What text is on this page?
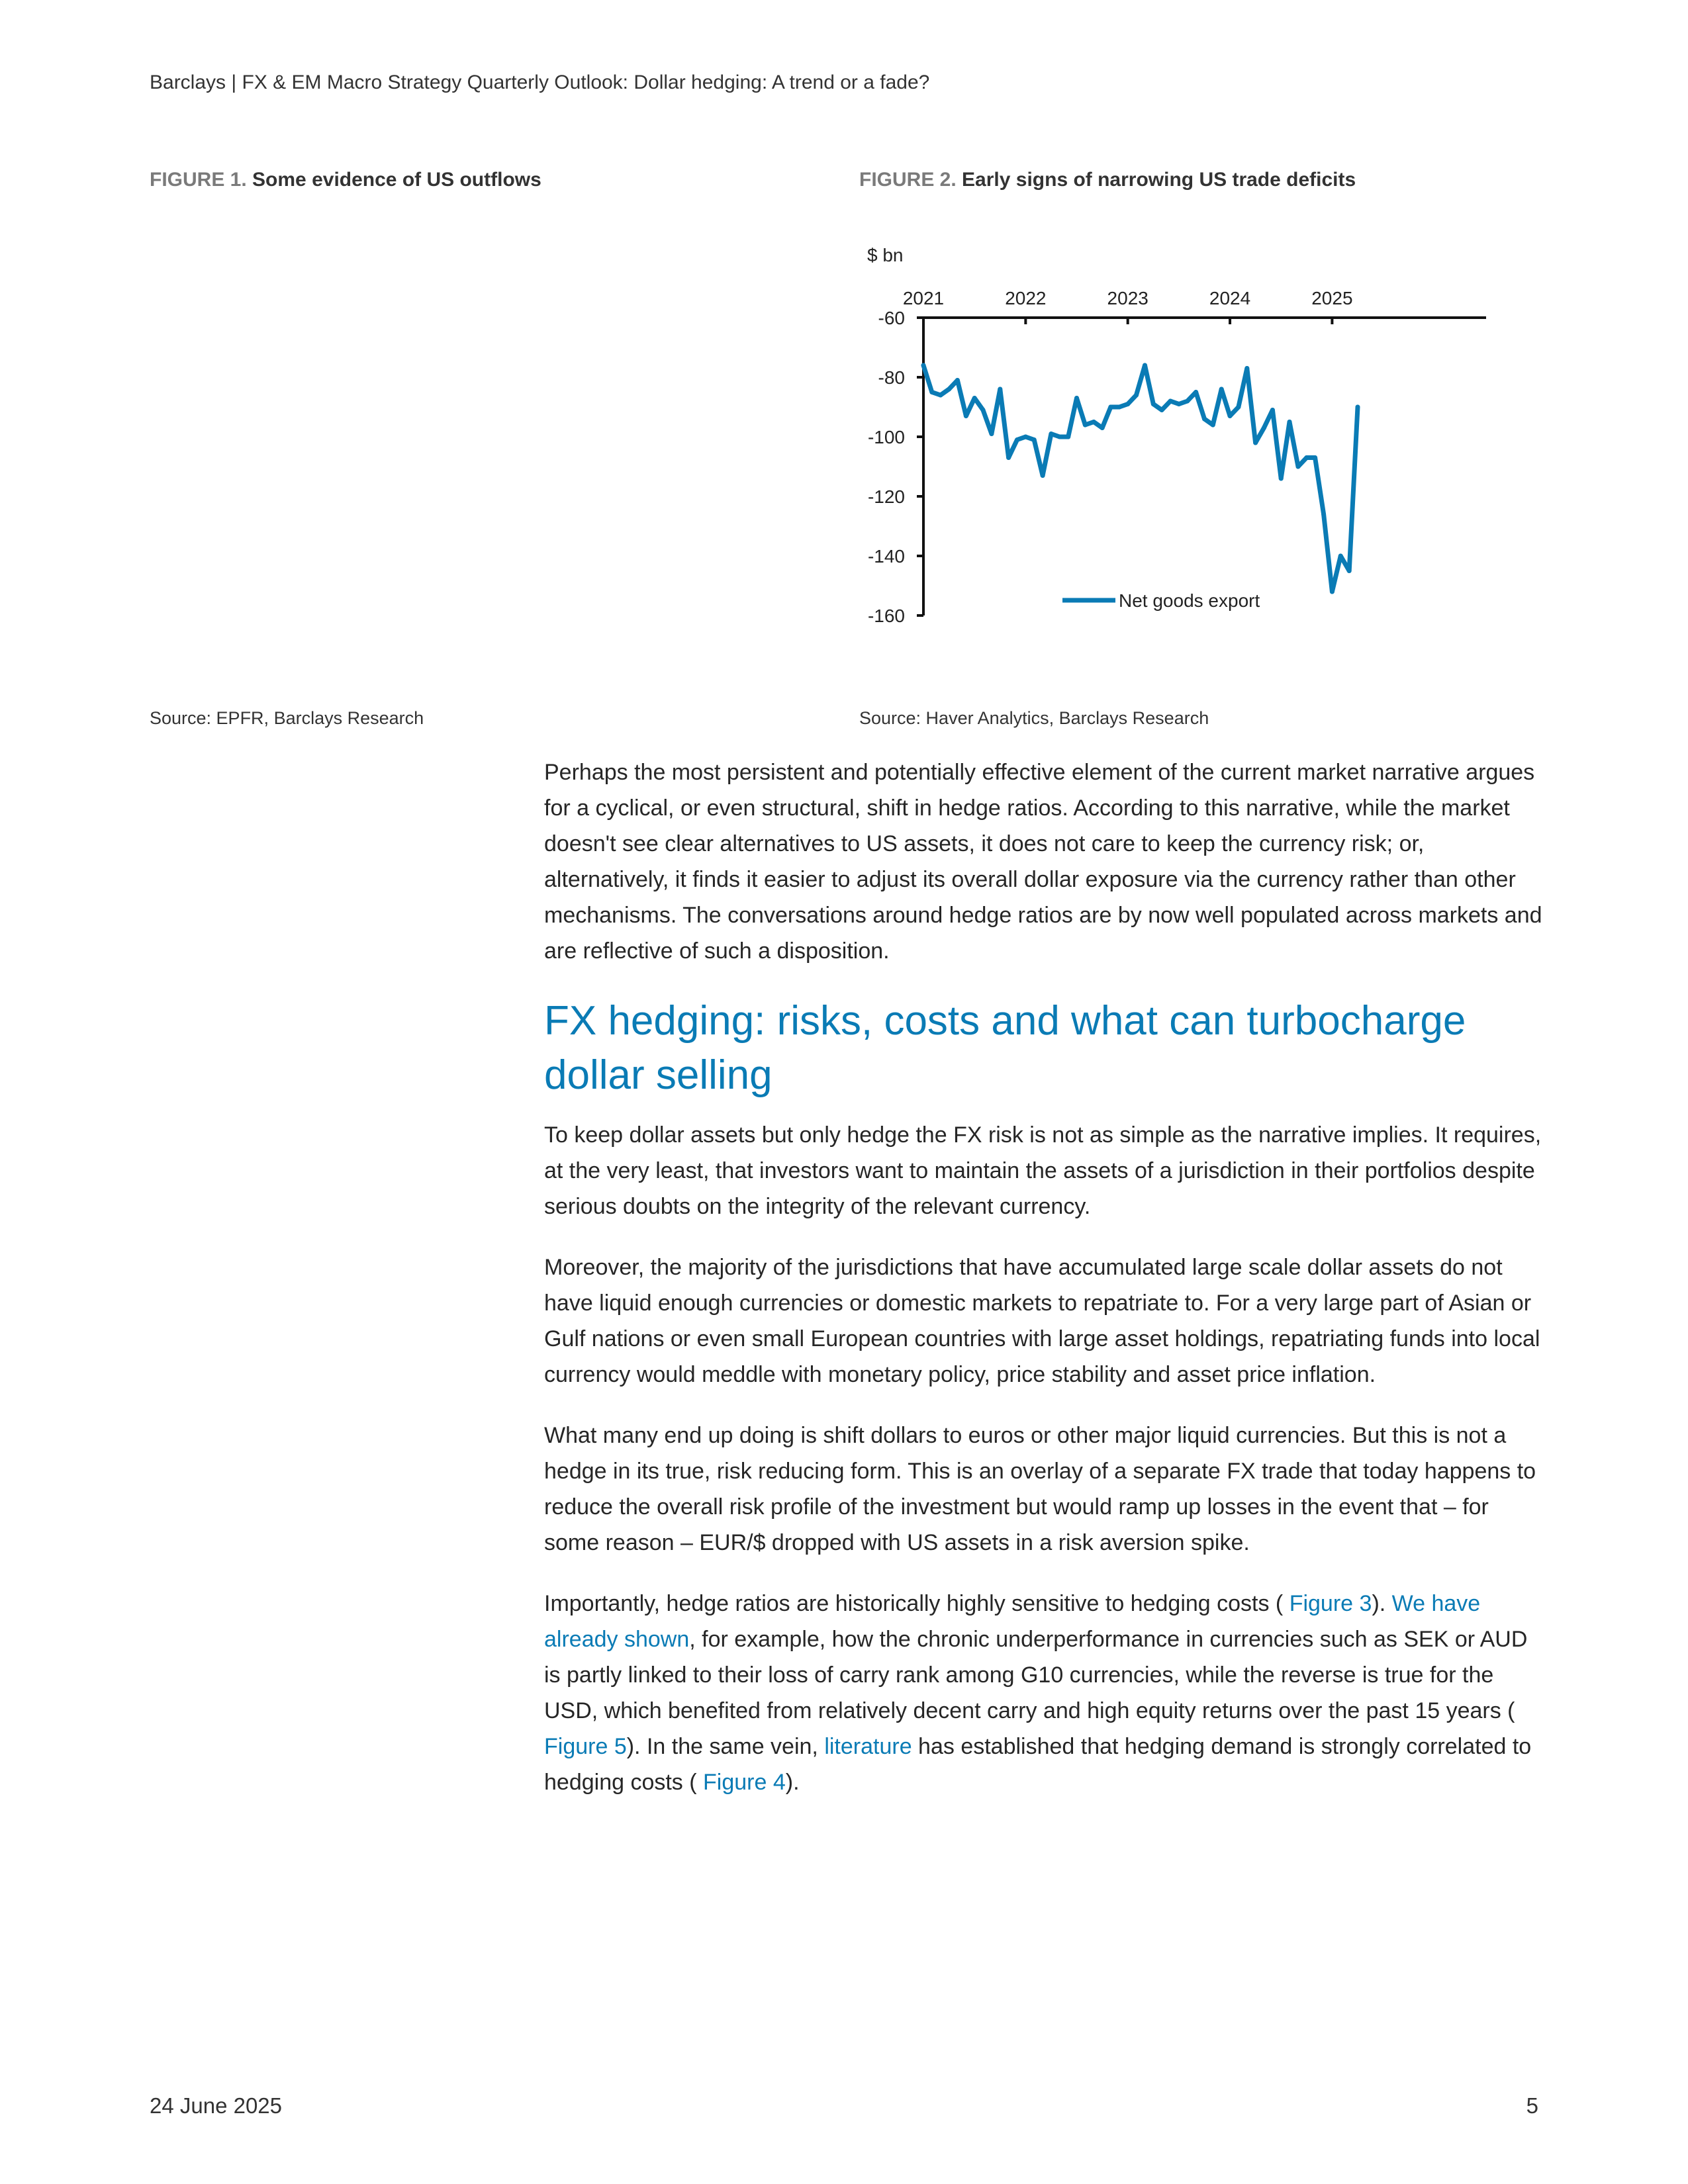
Barclays | FX & EM Macro Strategy Quarterly Outlook: Dollar hedging: A trend or a fade?
FIGURE 1. Some evidence of US outflows
Source: EPFR, Barclays Research
FIGURE 2. Early signs of narrowing US trade deficits
$ bn
2021	2022	2023	2024	2025
-60
-80
-100
-120
-140
-160
Net goods export
Source: Haver Analytics, Barclays Research

Perhaps the most persistent and potentially effective element of the current market narrative argues for a cyclical, or even structural, shift in hedge ratios. According to this narrative, while the market doesn't see clear alternatives to US assets, it does not care to keep the currency risk; or, alternatively, it finds it easier to adjust its overall dollar exposure via the currency rather than other mechanisms. The conversations around hedge ratios are by now well populated across markets and are reflective of such a disposition.

FX hedging: risks, costs and what can turbocharge dollar selling

To keep dollar assets but only hedge the FX risk is not as simple as the narrative implies. It requires, at the very least, that investors want to maintain the assets of a jurisdiction in their portfolios despite serious doubts on the integrity of the relevant currency.

Moreover, the majority of the jurisdictions that have accumulated large scale dollar assets do not have liquid enough currencies or domestic markets to repatriate to. For a very large part of Asian or Gulf nations or even small European countries with large asset holdings, repatriating funds into local currency would meddle with monetary policy, price stability and asset price inflation.

What many end up doing is shift dollars to euros or other major liquid currencies. But this is not a hedge in its true, risk reducing form. This is an overlay of a separate FX trade that today happens to reduce the overall risk profile of the investment but would ramp up losses in the event that – for some reason – EUR/$ dropped with US assets in a risk aversion spike.

Importantly, hedge ratios are historically highly sensitive to hedging costs ( Figure 3). We have already shown, for example, how the chronic underperformance in currencies such as SEK or AUD is partly linked to their loss of carry rank among G10 currencies, while the reverse is true for the USD, which benefited from relatively decent carry and high equity returns over the past 15 years ( Figure 5). In the same vein, literature has established that hedging demand is strongly correlated to hedging costs ( Figure 4).

24 June 2025	5
